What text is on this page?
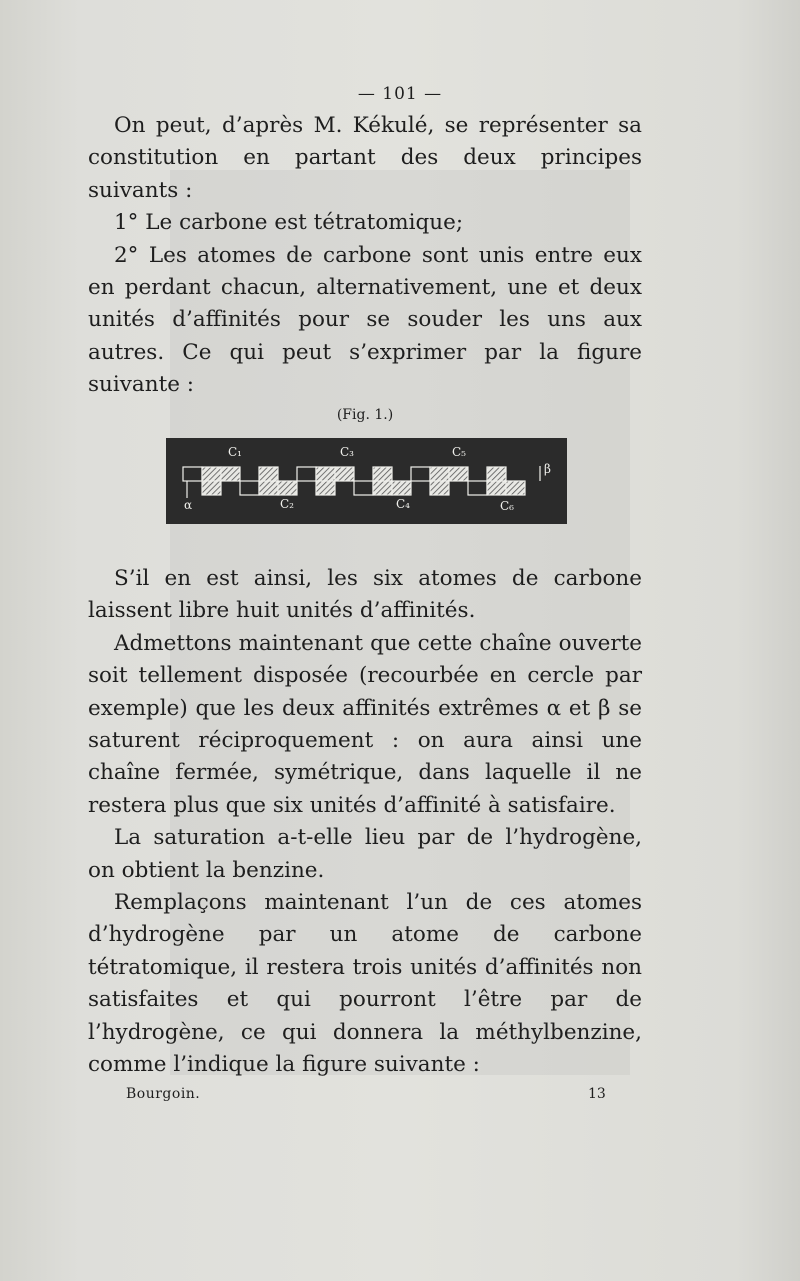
— 101 —

On peut, d’après M. Kékulé, se représenter sa constitution en partant des deux principes suivants :

1° Le carbone est tétratomique;

2° Les atomes de carbone sont unis entre eux en perdant chacun, alternativement, une et deux unités d’affinités pour se souder les uns aux autres. Ce qui peut s’exprimer par la figure suivante :

(Fig. 1.)
C₁	C₃	C₅
C₂	C₄	C₆
α
β

S’il en est ainsi, les six atomes de carbone laissent libre huit unités d’affinités.

Admettons maintenant que cette chaîne ouverte soit tellement disposée (recourbée en cercle par exemple) que les deux affinités extrêmes α et β se saturent réciproquement : on aura ainsi une chaîne fermée, symétrique, dans laquelle il ne restera plus que six unités d’affinité à satisfaire.

La saturation a-t-elle lieu par de l’hydrogène, on obtient la benzine.

Remplaçons maintenant l’un de ces atomes d’hydrogène par un atome de carbone tétratomique, il restera trois unités d’affinités non satisfaites et qui pourront l’être par de l’hydrogène, ce qui donnera la méthylbenzine, comme l’indique la figure suivante :

Bourgoin.	13
